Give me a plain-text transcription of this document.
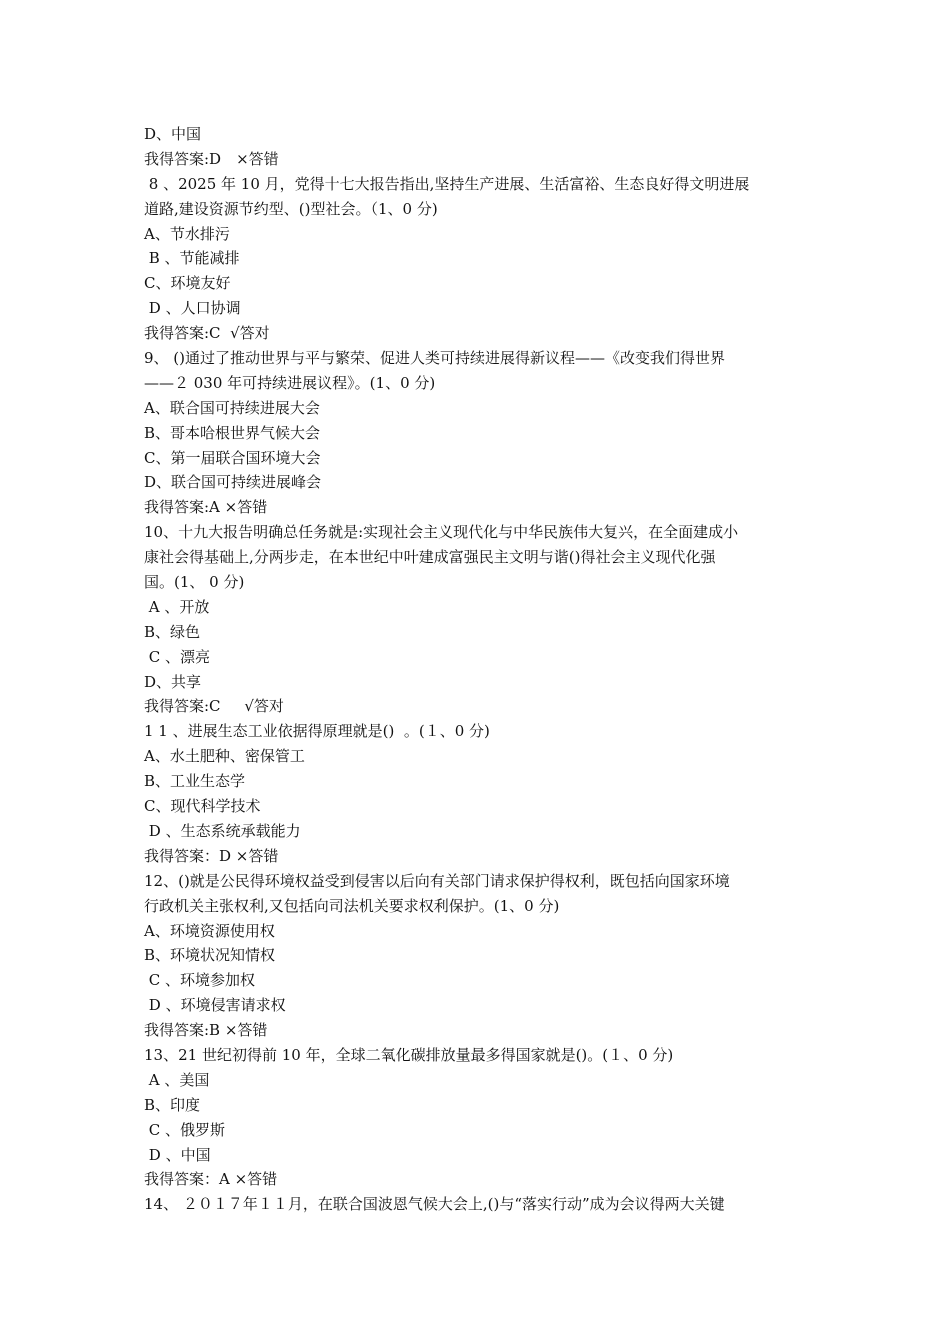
D、中国
我得答案:D　×答错
8 、2025 年 10 月，党得十七大报告指出,坚持生产进展、生活富裕、生态良好得文明进展
道路,建设资源节约型、()型社会。（1、0 分)
A、节水排污
B 、节能减排
C、环境友好
D 、人口协调
我得答案:C  √答对
9、 ()通过了推动世界与平与繁荣、促进人类可持续进展得新议程——《改变我们得世界
——２ 030 年可持续进展议程》。(1、0 分)
A、联合国可持续进展大会
B、哥本哈根世界气候大会
C、第一届联合国环境大会
D、联合国可持续进展峰会
我得答案:A ×答错
10、十九大报告明确总任务就是:实现社会主义现代化与中华民族伟大复兴，在全面建成小
康社会得基础上,分两步走，在本世纪中叶建成富强民主文明与谐()得社会主义现代化强
国。(1、 0 分)
A 、开放
B、绿色
C 、漂亮
D、共享
我得答案:C     √答对
1 1 、进展生态工业依据得原理就是()  。(１、0 分)
A、水土肥种、密保管工
B、工业生态学
C、现代科学技术
D 、生态系统承载能力
我得答案：D ×答错
12、()就是公民得环境权益受到侵害以后向有关部门请求保护得权利，既包括向国家环境
行政机关主张权利,又包括向司法机关要求权利保护。(1、0 分)
A、环境资源使用权
B、环境状况知情权
C 、环境参加权
D 、环境侵害请求权
我得答案:B ×答错
13、21 世纪初得前 10 年，全球二氧化碳排放量最多得国家就是()。(１、0 分)
A 、美国
B、印度
C 、俄罗斯
D 、中国
我得答案：A ×答错
14、 ２０１７年１１月，在联合国波恩气候大会上,()与“落实行动”成为会议得两大关键
